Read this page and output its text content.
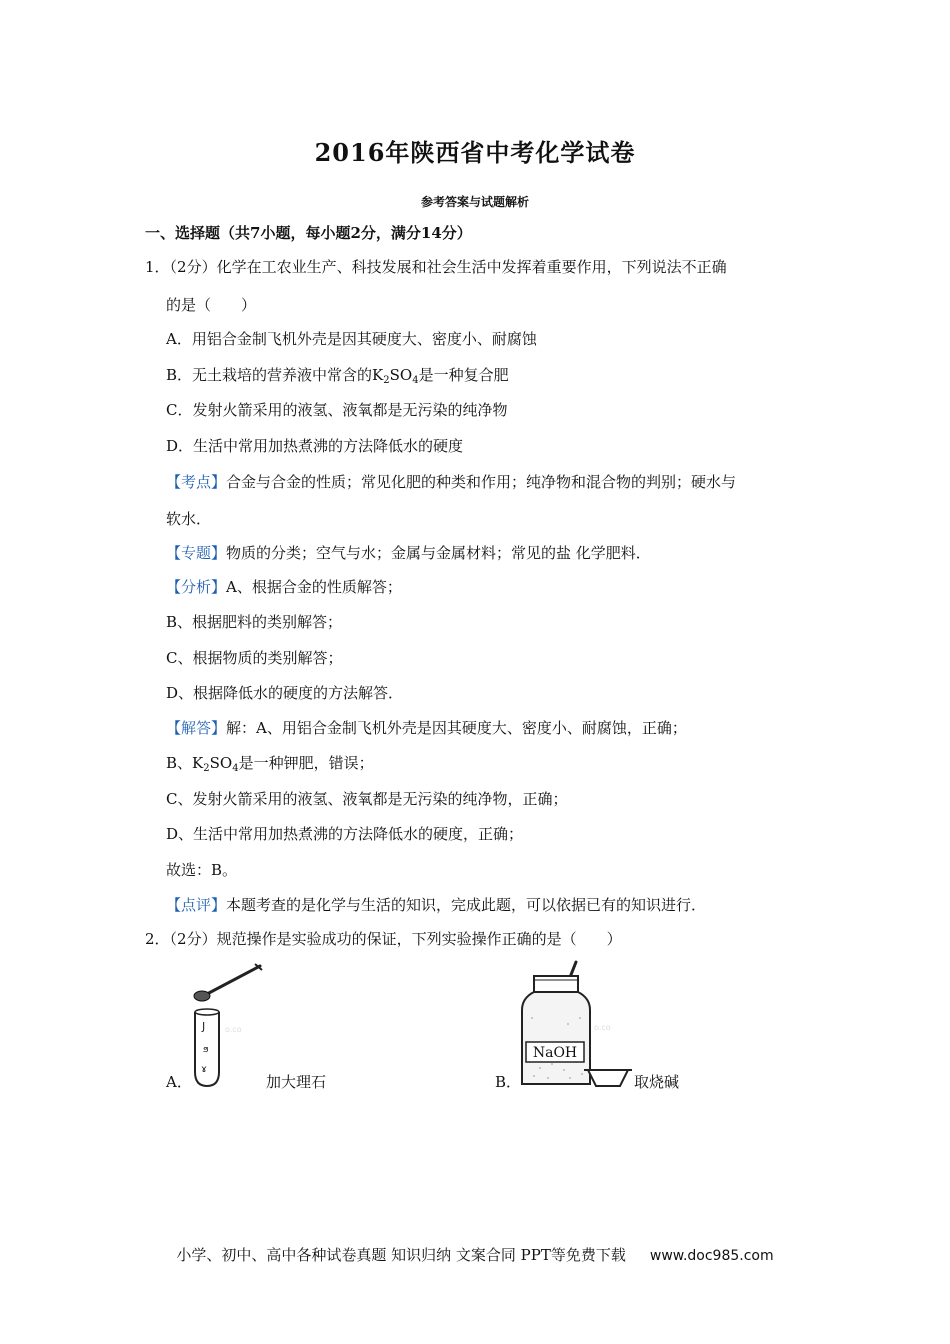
2016年陕西省中考化学试卷
参考答案与试题解析
一、选择题（共7小题，每小题2分，满分14分）
1．（2分）化学在工农业生产、科技发展和社会生活中发挥着重要作用，下列说法不正确
的是（　　）
A．用铝合金制飞机外壳是因其硬度大、密度小、耐腐蚀
B．无土栽培的营养液中常含的$K_2SO_4$是一种复合肥
C．发射火箭采用的液氢、液氧都是无污染的纯净物
D．生活中常用加热煮沸的方法降低水的硬度
【考点】合金与合金的性质；常见化肥的种类和作用；纯净物和混合物的判别；硬水与
软水．
【专题】物质的分类；空气与水；金属与金属材料；常见的盐 化学肥料．
【分析】A、根据合金的性质解答；
B、根据肥料的类别解答；
C、根据物质的类别解答；
D、根据降低水的硬度的方法解答．
【解答】解：A、用铝合金制飞机外壳是因其硬度大、密度小、耐腐蚀，正确；
B、$K_2SO_4$是一种钾肥，错误；
C、发射火箭采用的液氢、液氧都是无污染的纯净物，正确；
D、生活中常用加热煮沸的方法降低水的硬度，正确；
故选：B。
【点评】本题考查的是化学与生活的知识，完成此题，可以依据已有的知识进行．
2．（2分）规范操作是实验成功的保证，下列实验操作正确的是（　　）
J
ϧ
ɤ
o.co
A．	加大理石
NaOH
o.co
B．	取烧碱
小学、初中、高中各种试卷真题 知识归纳 文案合同 PPT等免费下载 www.doc985.com
